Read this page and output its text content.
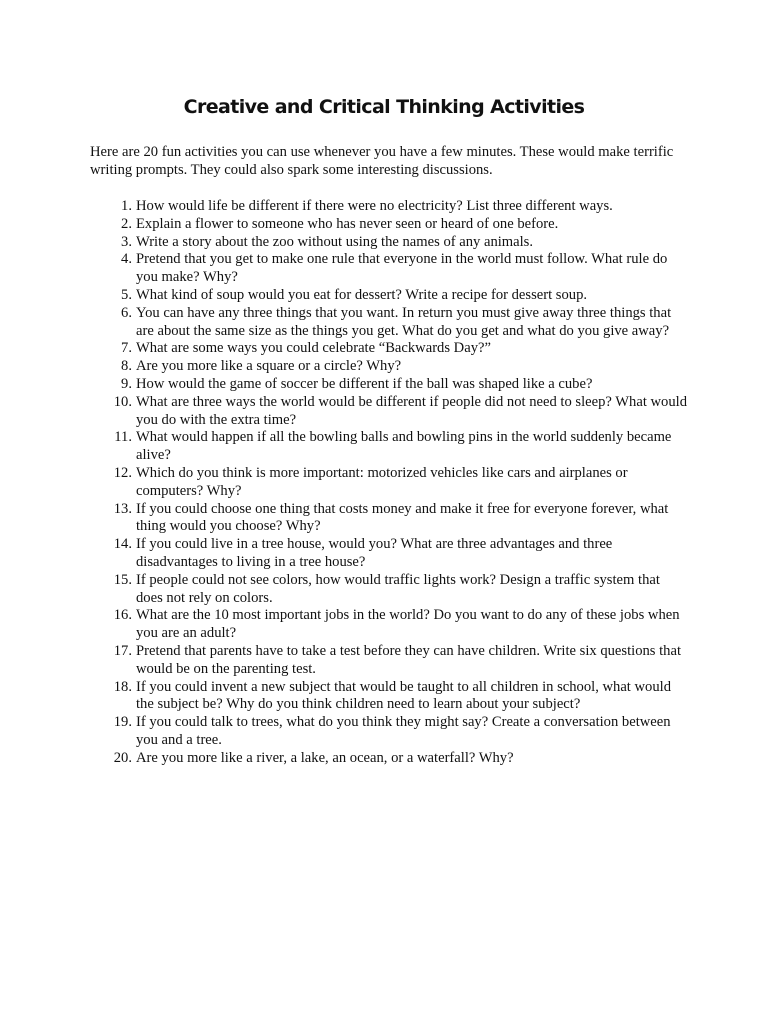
Creative and Critical Thinking Activities

Here are 20 fun activities you can use whenever you have a few minutes. These would make terrific writing prompts. They could also spark some interesting discussions.

1. How would life be different if there were no electricity? List three different ways.
2. Explain a flower to someone who has never seen or heard of one before.
3. Write a story about the zoo without using the names of any animals.
4. Pretend that you get to make one rule that everyone in the world must follow. What rule do you make? Why?
5. What kind of soup would you eat for dessert? Write a recipe for dessert soup.
6. You can have any three things that you want. In return you must give away three things that are about the same size as the things you get. What do you get and what do you give away?
7. What are some ways you could celebrate “Backwards Day?”
8. Are you more like a square or a circle? Why?
9. How would the game of soccer be different if the ball was shaped like a cube?
10. What are three ways the world would be different if people did not need to sleep? What would you do with the extra time?
11. What would happen if all the bowling balls and bowling pins in the world suddenly became alive?
12. Which do you think is more important: motorized vehicles like cars and airplanes or computers? Why?
13. If you could choose one thing that costs money and make it free for everyone forever, what thing would you choose? Why?
14. If you could live in a tree house, would you? What are three advantages and three disadvantages to living in a tree house?
15. If people could not see colors, how would traffic lights work? Design a traffic system that does not rely on colors.
16. What are the 10 most important jobs in the world? Do you want to do any of these jobs when you are an adult?
17. Pretend that parents have to take a test before they can have children. Write six questions that would be on the parenting test.
18. If you could invent a new subject that would be taught to all children in school, what would the subject be? Why do you think children need to learn about your subject?
19. If you could talk to trees, what do you think they might say? Create a conversation between you and a tree.
20. Are you more like a river, a lake, an ocean, or a waterfall? Why?
